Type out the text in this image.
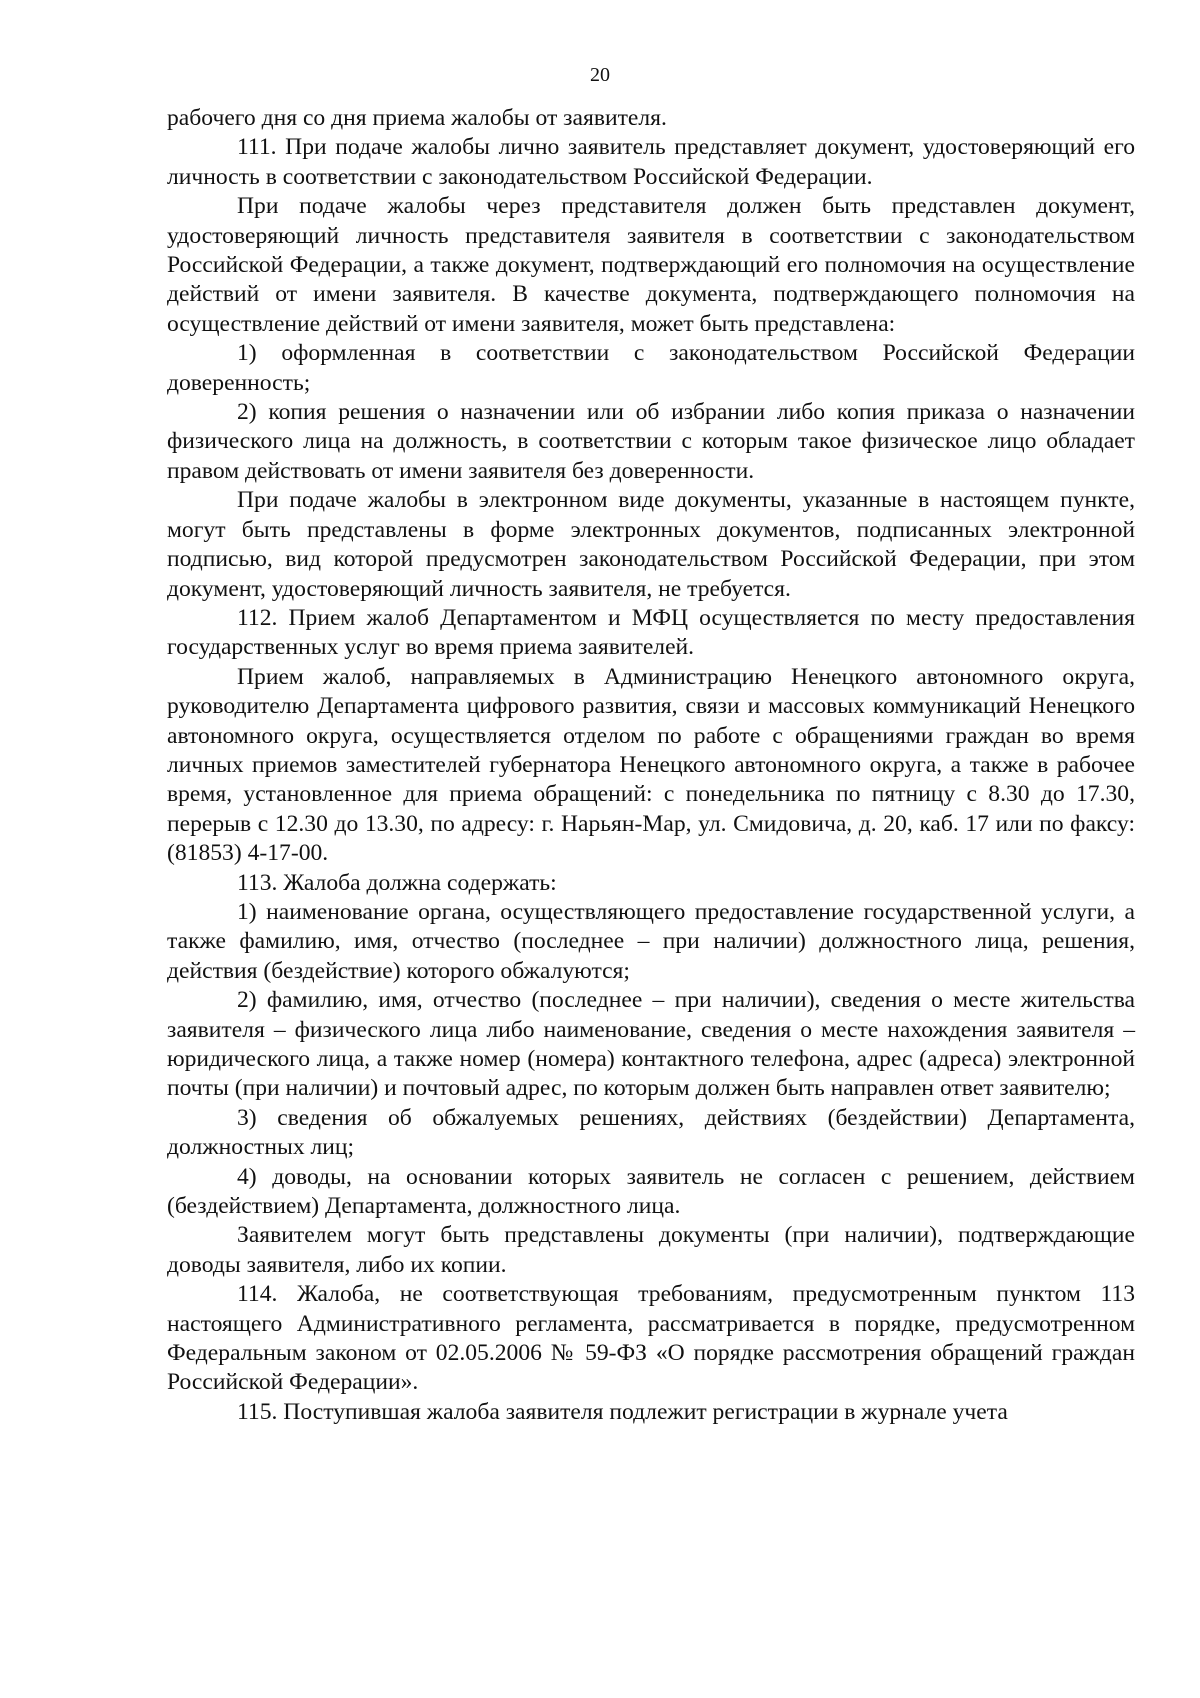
20

рабочего дня со дня приема жалобы от заявителя.

111. При подаче жалобы лично заявитель представляет документ, удостоверяющий его личность в соответствии с законодательством Российской Федерации.

При подаче жалобы через представителя должен быть представлен документ, удостоверяющий личность представителя заявителя в соответствии с законодательством Российской Федерации, а также документ, подтверждающий его полномочия на осуществление действий от имени заявителя. В качестве документа, подтверждающего полномочия на осуществление действий от имени заявителя, может быть представлена:

1) оформленная в соответствии с законодательством Российской Федерации доверенность;

2) копия решения о назначении или об избрании либо копия приказа о назначении физического лица на должность, в соответствии с которым такое физическое лицо обладает правом действовать от имени заявителя без доверенности.

При подаче жалобы в электронном виде документы, указанные в настоящем пункте, могут быть представлены в форме электронных документов, подписанных электронной подписью, вид которой предусмотрен законодательством Российской Федерации, при этом документ, удостоверяющий личность заявителя, не требуется.

112. Прием жалоб Департаментом и МФЦ осуществляется по месту предоставления государственных услуг во время приема заявителей.

Прием жалоб, направляемых в Администрацию Ненецкого автономного округа, руководителю Департамента цифрового развития, связи и массовых коммуникаций Ненецкого автономного округа, осуществляется отделом по работе с обращениями граждан во время личных приемов заместителей губернатора Ненецкого автономного округа, а также в рабочее время, установленное для приема обращений: с понедельника по пятницу с 8.30 до 17.30, перерыв с 12.30 до 13.30, по адресу: г. Нарьян-Мар, ул. Смидовича, д. 20, каб. 17 или по факсу: (81853) 4-17-00.

113. Жалоба должна содержать:

1) наименование органа, осуществляющего предоставление государственной услуги, а также фамилию, имя, отчество (последнее – при наличии) должностного лица, решения, действия (бездействие) которого обжалуются;

2) фамилию, имя, отчество (последнее – при наличии), сведения о месте жительства заявителя – физического лица либо наименование, сведения о месте нахождения заявителя – юридического лица, а также номер (номера) контактного телефона, адрес (адреса) электронной почты (при наличии) и почтовый адрес, по которым должен быть направлен ответ заявителю;

3) сведения об обжалуемых решениях, действиях (бездействии) Департамента, должностных лиц;

4) доводы, на основании которых заявитель не согласен с решением, действием (бездействием) Департамента, должностного лица.

Заявителем могут быть представлены документы (при наличии), подтверждающие доводы заявителя, либо их копии.

114. Жалоба, не соответствующая требованиям, предусмотренным пунктом 113 настоящего Административного регламента, рассматривается в порядке, предусмотренном Федеральным законом от 02.05.2006 № 59-ФЗ «О порядке рассмотрения обращений граждан Российской Федерации».

115. Поступившая жалоба заявителя подлежит регистрации в журнале учета
